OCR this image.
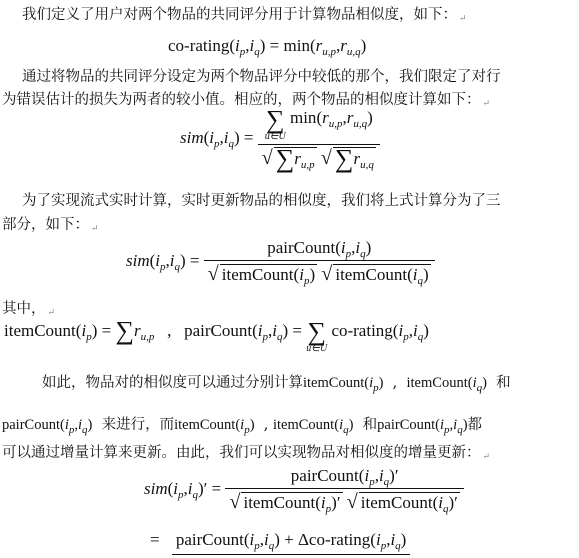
我们定义了用户对两个物品的共同评分用于计算物品相似度，如下： ↵
$co-rating(i_p,i_q) = \min(r_{u,p},r_{u,q})$
通过将物品的共同评分设定为两个物品评分中较低的那个，我们限定了对行
为错误估计的损失为两者的较小值。相应的，两个物品的相似度计算如下： ↵
$sim(i_p,i_q)$ = ∑
u∈U
$\min(r_{u,p},r_{u,q})$
√ $\sum r_{u,p}$ √ $\sum r_{u,q}$
为了实现流式实时计算，实时更新物品的相似度，我们将上式计算分为了三
部分，如下： ↵
$sim(i_p,i_q) = \frac{pairCount(i_p,i_q)}{√ itemCount(i_p) √ itemCount(i_q)}$
其中， ↵
$itemCount(i_p) = \sum r_{u,p}$   ,   $pairCount(i_p,i_q)$ = ∑
u∈U
$co-rating(i_p,i_q)$
如此，物品对的相似度可以通过分别计算$itemCount(i_p)$  ,  $itemCount(i_q)$ 和
$pairCount(i_p,i_q)$ 来进行，而$itemCount(i_p)$  , $itemCount(i_q)$ 和$pairCount(i_p,i_q)$都
可以通过增量计算来更新。由此，我们可以实现物品对相似度的增量更新： ↵
$sim(i_p,i_q)' = \frac{pairCount(i_p,i_q)'}{√ itemCount(i_p)' √ itemCount(i_q)'}$
= $pairCount(i_p,i_q)$ + Δco-$rating(i_p,i_q)$
